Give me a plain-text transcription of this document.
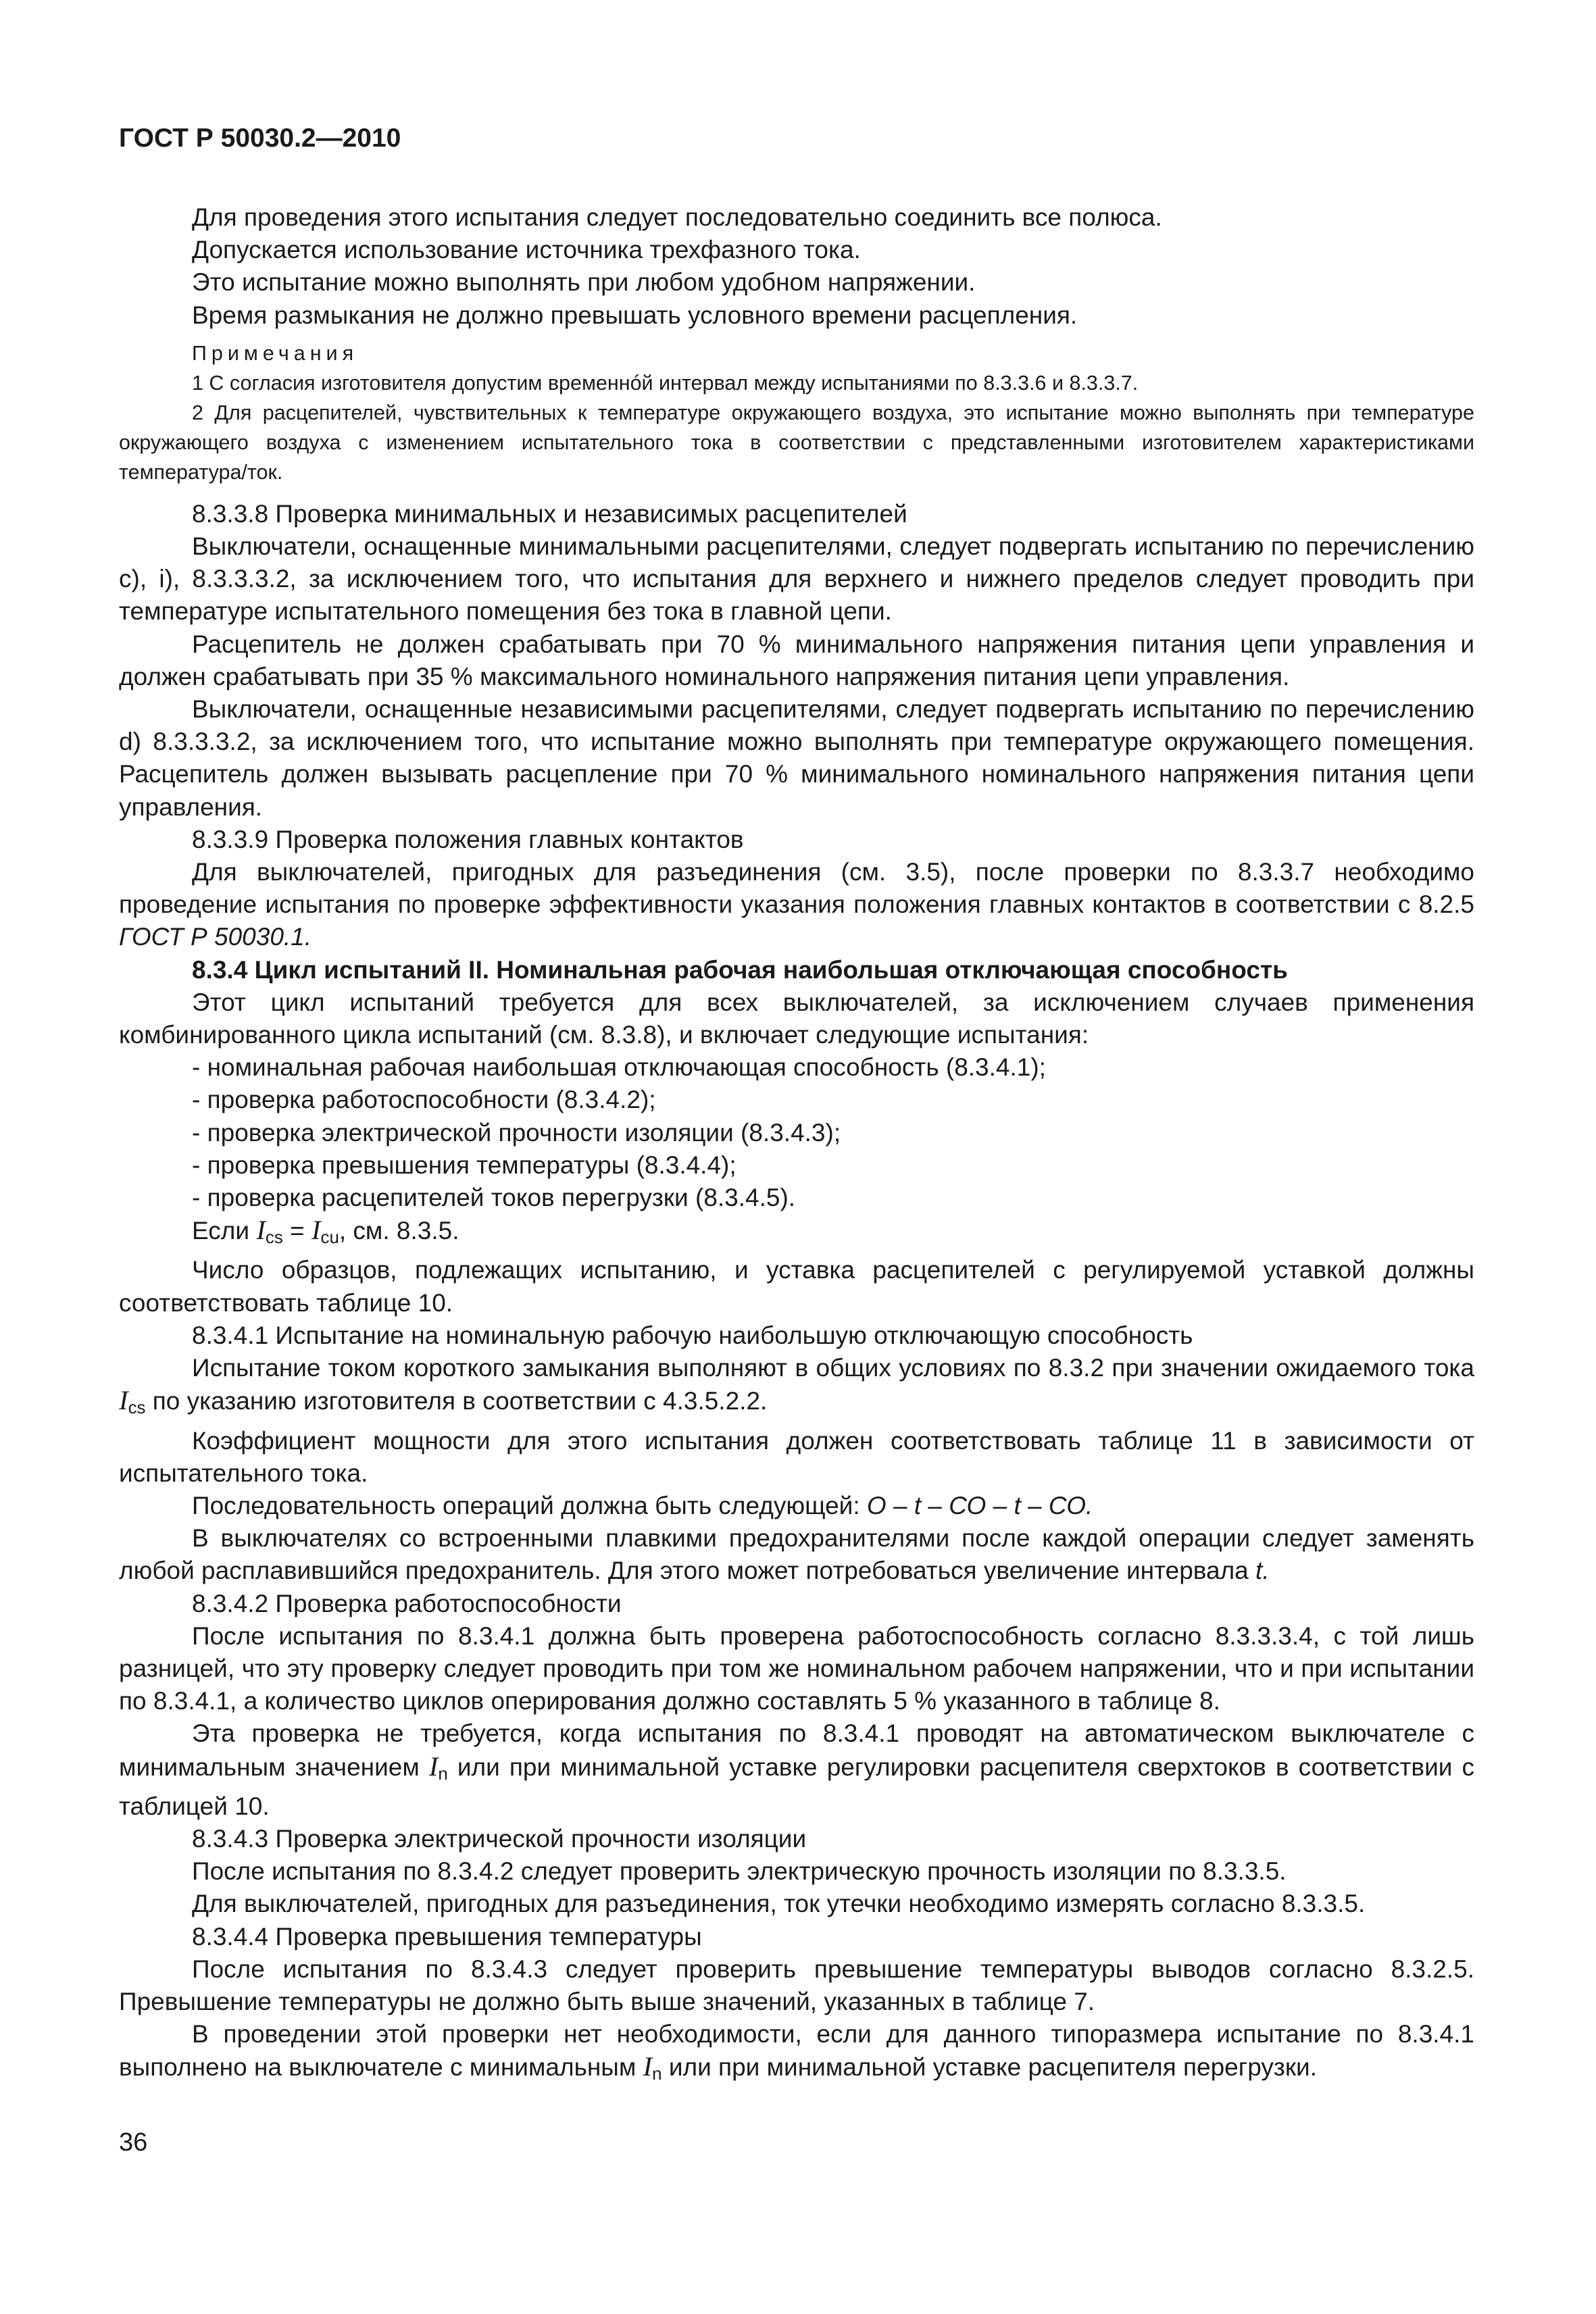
ГОСТ Р 50030.2—2010

Для проведения этого испытания следует последовательно соединить все полюса.

Допускается использование источника трехфазного тока.

Это испытание можно выполнять при любом удобном напряжении.

Время размыкания не должно превышать условного времени расцепления.

Примечания

1 С согласия изготовителя допустим временнóй интервал между испытаниями по 8.3.3.6 и 8.3.3.7.

2 Для расцепителей, чувствительных к температуре окружающего воздуха, это испытание можно выполнять при температуре окружающего воздуха с изменением испытательного тока в соответствии с представленными изготовителем характеристиками температура/ток.

8.3.3.8 Проверка минимальных и независимых расцепителей

Выключатели, оснащенные минимальными расцепителями, следует подвергать испытанию по перечислению с), i), 8.3.3.3.2, за исключением того, что испытания для верхнего и нижнего пределов следует проводить при температуре испытательного помещения без тока в главной цепи.

Расцепитель не должен срабатывать при 70 % минимального напряжения питания цепи управления и должен срабатывать при 35 % максимального номинального напряжения питания цепи управления.

Выключатели, оснащенные независимыми расцепителями, следует подвергать испытанию по перечислению d) 8.3.3.3.2, за исключением того, что испытание можно выполнять при температуре окружающего помещения. Расцепитель должен вызывать расцепление при 70 % минимального номинального напряжения питания цепи управления.

8.3.3.9 Проверка положения главных контактов

Для выключателей, пригодных для разъединения (см. 3.5), после проверки по 8.3.3.7 необходимо проведение испытания по проверке эффективности указания положения главных контактов в соответствии с 8.2.5 ГОСТ Р 50030.1.

8.3.4 Цикл испытаний II. Номинальная рабочая наибольшая отключающая способность

Этот цикл испытаний требуется для всех выключателей, за исключением случаев применения комбинированного цикла испытаний (см. 8.3.8), и включает следующие испытания:

- номинальная рабочая наибольшая отключающая способность (8.3.4.1);

- проверка работоспособности (8.3.4.2);

- проверка электрической прочности изоляции (8.3.4.3);

- проверка превышения температуры (8.3.4.4);

- проверка расцепителей токов перегрузки (8.3.4.5).

Если $I_{cs} = I_{cu}$, см. 8.3.5.

Число образцов, подлежащих испытанию, и уставка расцепителей с регулируемой уставкой должны соответствовать таблице 10.

8.3.4.1 Испытание на номинальную рабочую наибольшую отключающую способность

Испытание током короткого замыкания выполняют в общих условиях по 8.3.2 при значении ожидаемого тока $I_{cs}$ по указанию изготовителя в соответствии с 4.3.5.2.2.

Коэффициент мощности для этого испытания должен соответствовать таблице 11 в зависимости от испытательного тока.

Последовательность операций должна быть следующей: О – t – СО – t – СО.

В выключателях со встроенными плавкими предохранителями после каждой операции следует заменять любой расплавившийся предохранитель. Для этого может потребоваться увеличение интервала t.

8.3.4.2 Проверка работоспособности

После испытания по 8.3.4.1 должна быть проверена работоспособность согласно 8.3.3.3.4, с той лишь разницей, что эту проверку следует проводить при том же номинальном рабочем напряжении, что и при испытании по 8.3.4.1, а количество циклов оперирования должно составлять 5 % указанного в таблице 8.

Эта проверка не требуется, когда испытания по 8.3.4.1 проводят на автоматическом выключателе с минимальным значением $I_n$ или при минимальной уставке регулировки расцепителя сверхтоков в соответствии с таблицей 10.

8.3.4.3 Проверка электрической прочности изоляции

После испытания по 8.3.4.2 следует проверить электрическую прочность изоляции по 8.3.3.5.

Для выключателей, пригодных для разъединения, ток утечки необходимо измерять согласно 8.3.3.5.

8.3.4.4 Проверка превышения температуры

После испытания по 8.3.4.3 следует проверить превышение температуры выводов согласно 8.3.2.5. Превышение температуры не должно быть выше значений, указанных в таблице 7.

В проведении этой проверки нет необходимости, если для данного типоразмера испытание по 8.3.4.1 выполнено на выключателе с минимальным $I_n$ или при минимальной уставке расцепителя перегрузки.

36
